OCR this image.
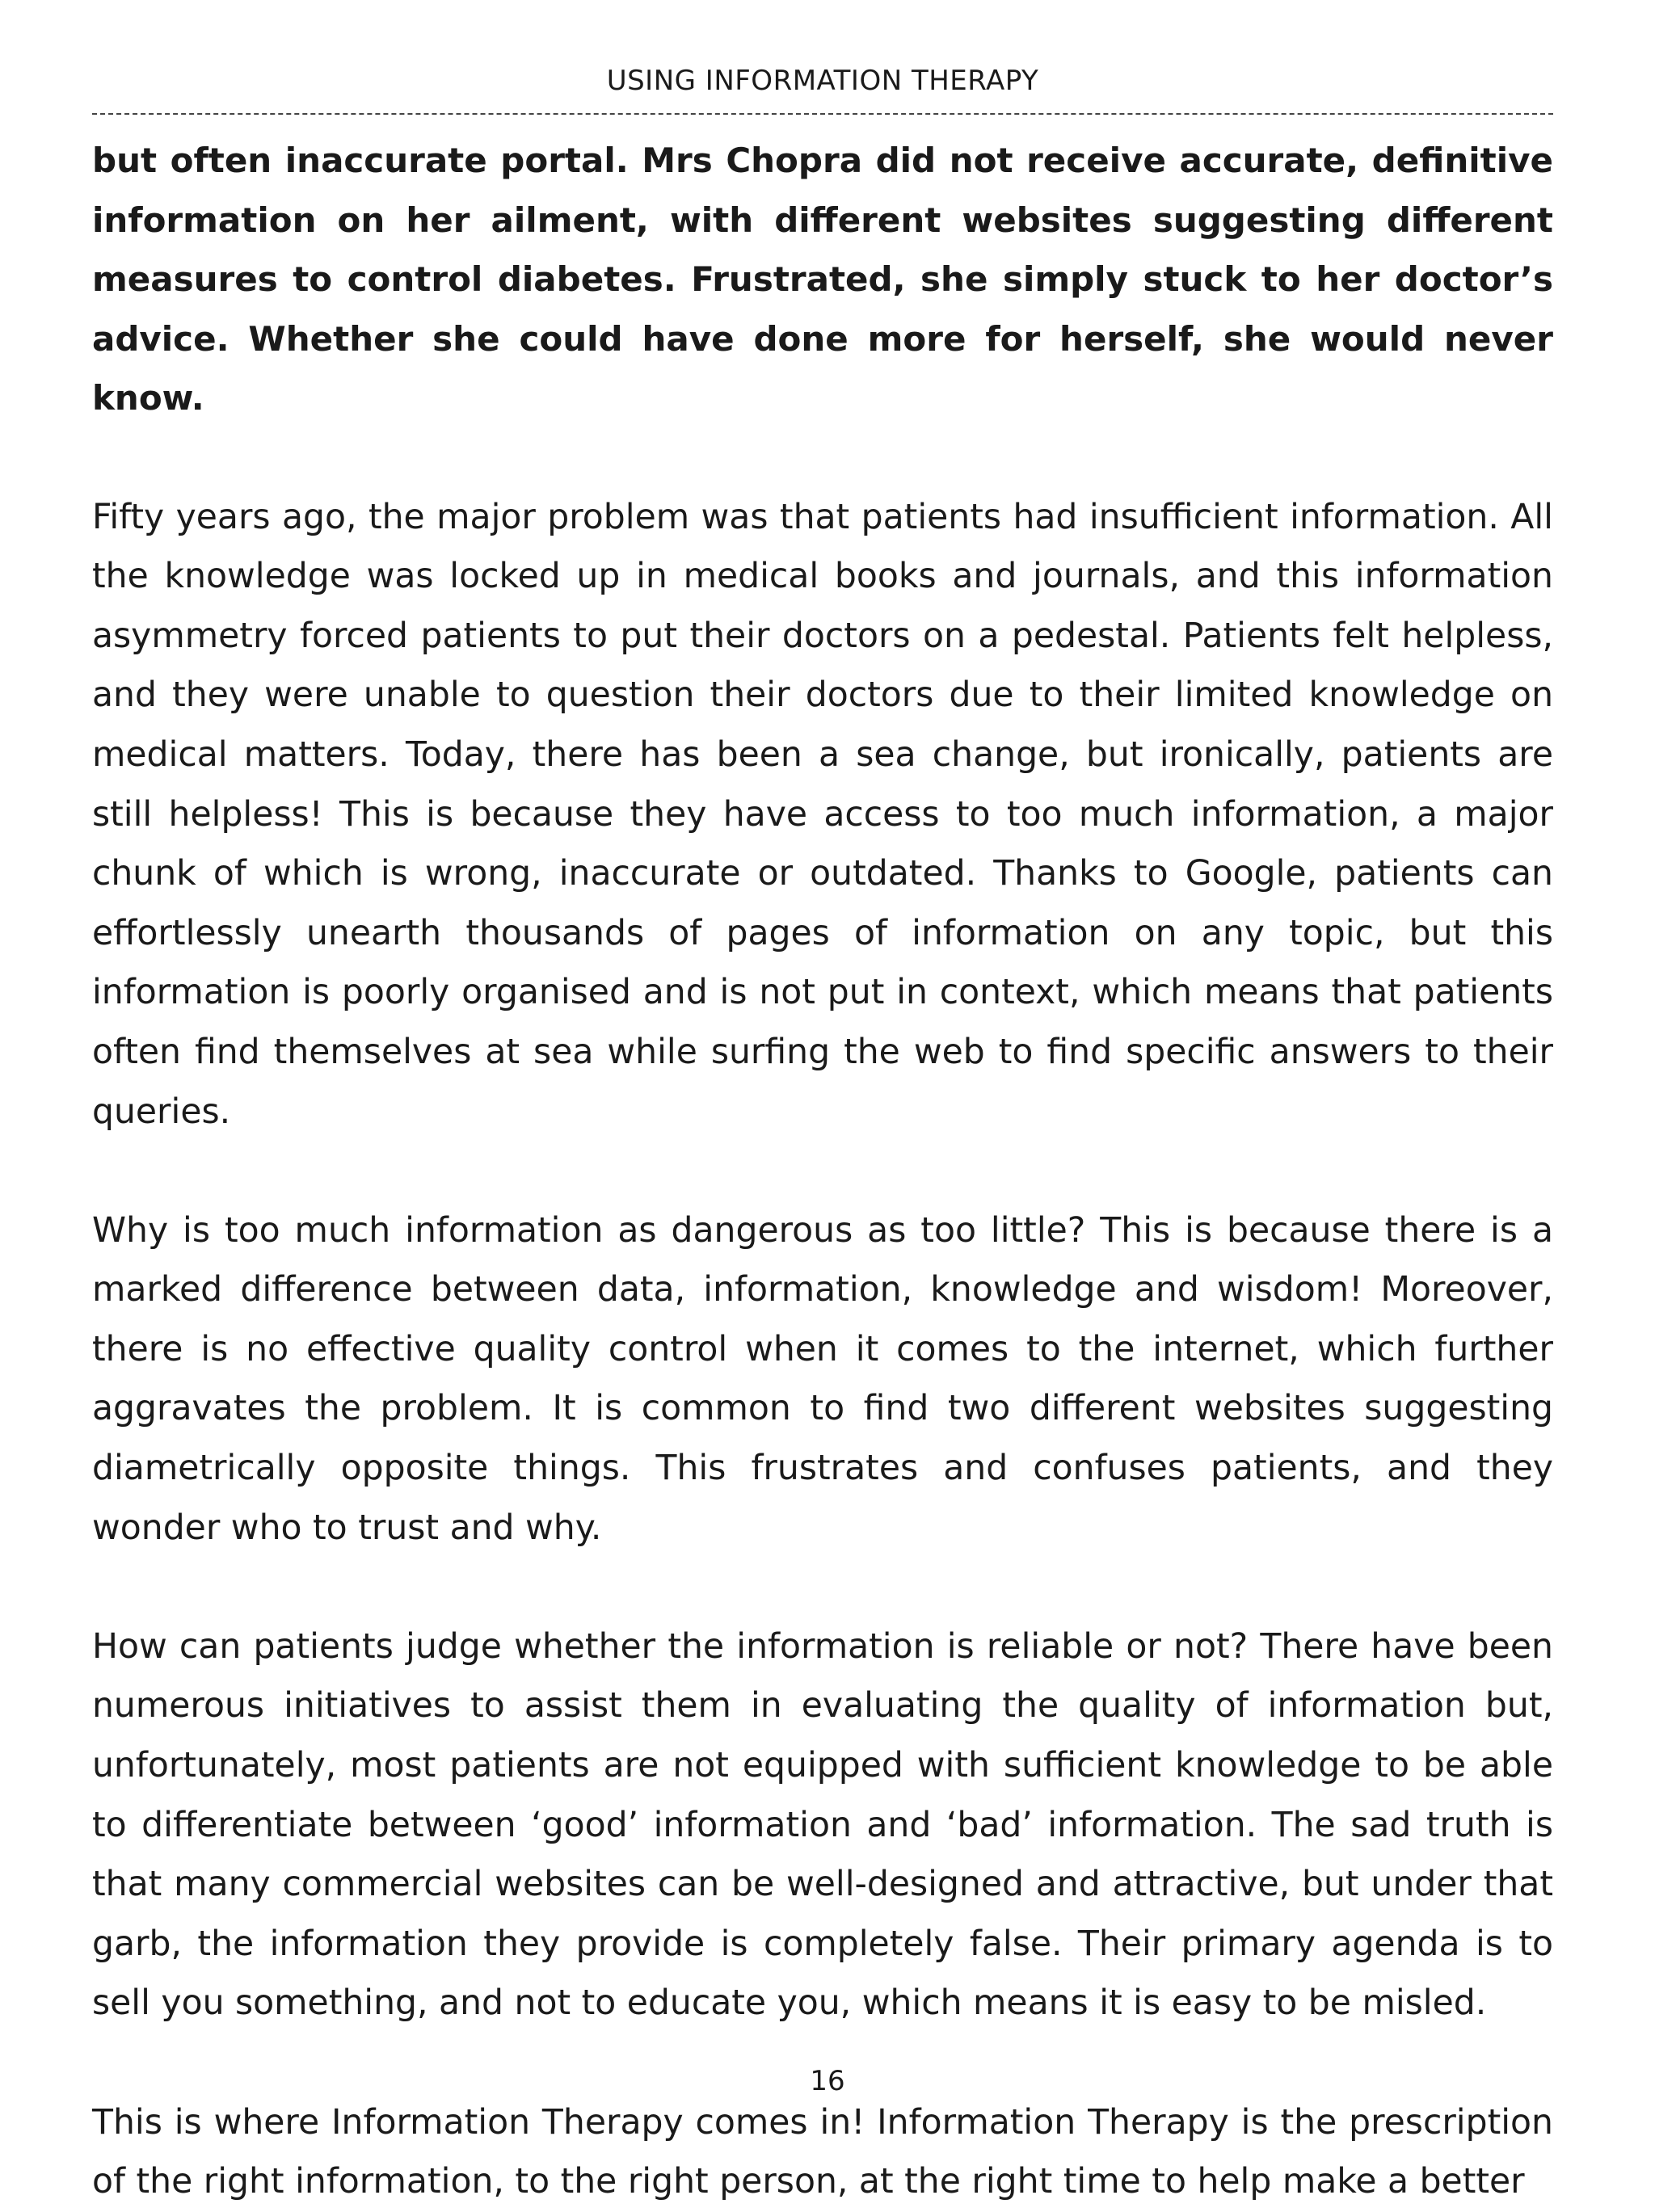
USING INFORMATION THERAPY

but often inaccurate portal. Mrs Chopra did not receive accurate, definitive information on her ailment, with different websites suggesting different measures to control diabetes. Frustrated, she simply stuck to her doctor’s advice. Whether she could have done more for herself, she would never know.

Fifty years ago, the major problem was that patients had insufficient information. All the knowledge was locked up in medical books and journals, and this information asymmetry forced patients to put their doctors on a pedestal. Patients felt helpless, and they were unable to question their doctors due to their limited knowledge on medical matters. Today, there has been a sea change, but ironically, patients are still helpless! This is because they have access to too much information, a major chunk of which is wrong, inaccurate or outdated. Thanks to Google, patients can effortlessly unearth thousands of pages of information on any topic, but this information is poorly organised and is not put in context, which means that patients often find themselves at sea while surfing the web to find specific answers to their queries.

Why is too much information as dangerous as too little? This is because there is a marked difference between data, information, knowledge and wisdom! Moreover, there is no effective quality control when it comes to the internet, which further aggravates the problem. It is common to find two different websites suggesting diametrically opposite things. This frustrates and confuses patients, and they wonder who to trust and why.

How can patients judge whether the information is reliable or not? There have been numerous initiatives to assist them in evaluating the quality of information but, unfortunately, most patients are not equipped with sufficient knowledge to be able to differentiate between ‘good’ information and ‘bad’ information. The sad truth is that many commercial websites can be well-designed and attractive, but under that garb, the information they provide is completely false. Their primary agenda is to sell you something, and not to educate you, which means it is easy to be misled.

This is where Information Therapy comes in! Information Therapy is the prescription of the right information, to the right person, at the right time to help make a better

16
